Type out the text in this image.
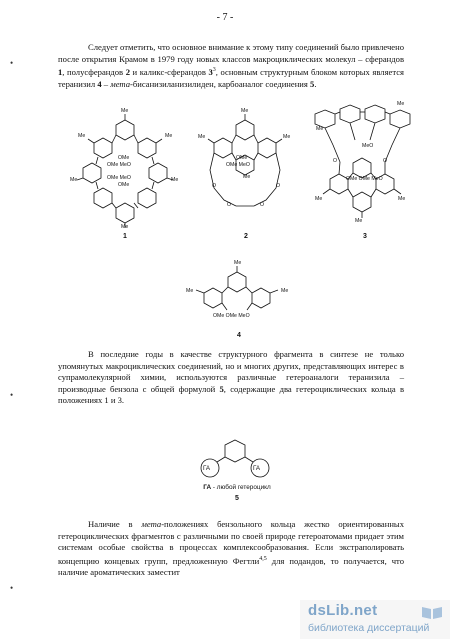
- 7 -
•
•
•

Следует отметить, что основное внимание к этому типу соединений было привлечено после открытия Крамом в 1979 году новых классов макроциклических молекул – сферандов 1, полусферандов 2 и каликс-сферандов $3^3$, основным структурным блоком которых является теранизил 4 – мета-бисанизиланизилиден, карбоаналог соединения 5.

Me
Me	Me
Me	Me
Me
OMe
OMe MeO
OMe MeO
OMe
1
Me
Me	Me
Me
OMe
OMe MeO
O	O
O	O
2
Me
Me
MeO
O	O
OMe OMe MeO
Me	Me
Me
3
Me
Me	Me
OMe OMe MeO
4

В последние годы в качестве структурного фрагмента в синтезе не только упомянутых макроциклических соединений, но и многих других, представляющих интерес в супрамолекулярной химии, используются различные гетероаналоги теранизила – производные бензола с общей формулой 5, содержащие два гетероциклических кольца в положениях 1 и 3.

ГА	ГА
ГА - любой гетероцикл
5

Наличие в мета-положениях бензольного кольца жестко ориентированных гетероциклических фрагментов с различными по своей природе гетероатомами придает этим системам особые свойства в процессах комплексообразования. Если экстраполировать концепцию концевых групп, предложенную Фегтли$^{4,5}$ для подандов, то получается, что наличие ароматических заместит

dsLib.net
библиотека диссертаций
